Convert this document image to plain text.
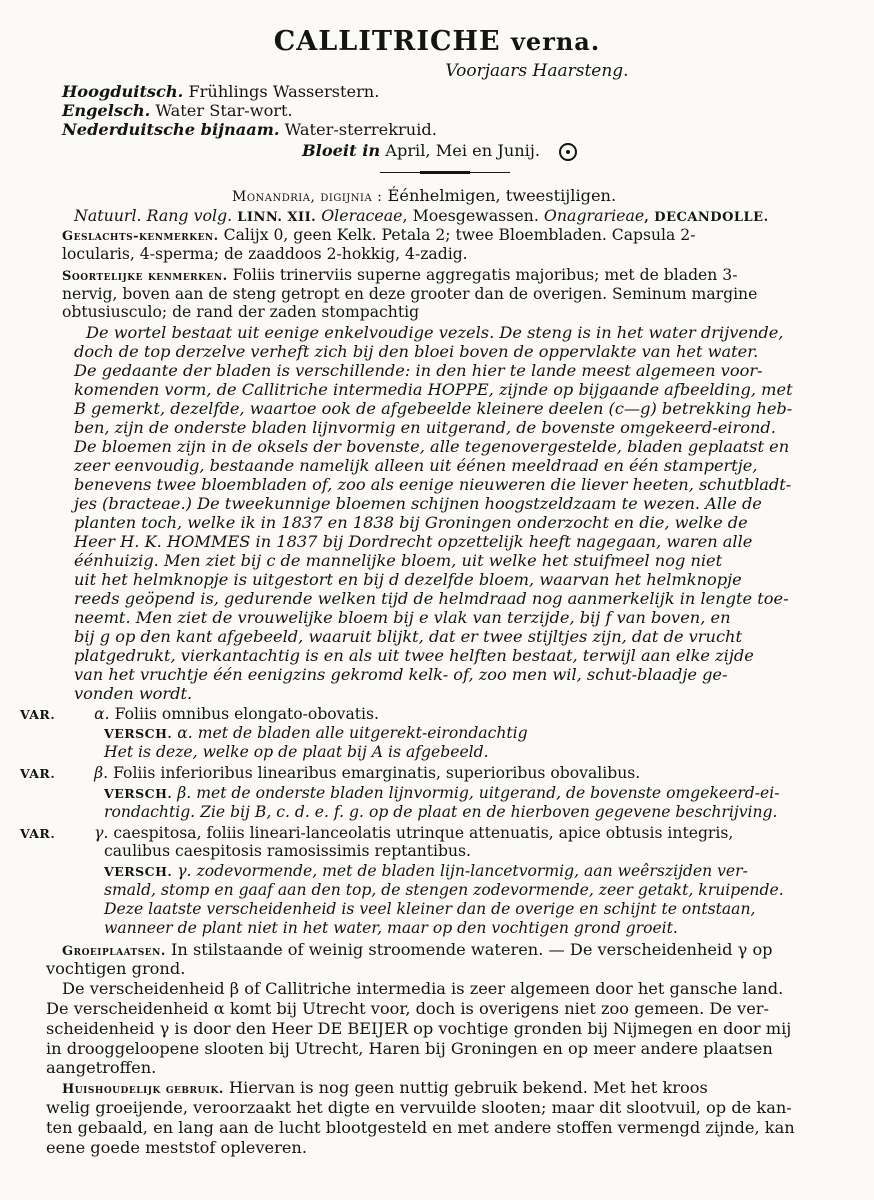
CALLITRICHE verna.
Voorjaars Haarsteng.
Hoogduitsch. Frühlings Wasserstern.
Engelsch. Water Star-wort.
Nederduitsche bijnaam. Water-sterrekruid.
Bloeit in April, Mei en Junij.
Monandria, digijnia : Éénhelmigen, tweestijligen.
Natuurl. Rang volg. LINN. XII. Oleraceae, Moesgewassen. Onagrarieae, DECANDOLLE.
Geslachts-kenmerken. Calijx 0, geen Kelk. Petala 2; twee Bloembladen. Capsula 2-
locularis, 4-sperma; de zaaddoos 2-hokkig, 4-zadig.
Soortelijke kenmerken. Foliis trinerviis superne aggregatis majoribus; met de bladen 3-
nervig, boven aan de steng getropt en deze grooter dan de overigen. Seminum margine
obtusiusculo; de rand der zaden stompachtig
De wortel bestaat uit eenige enkelvoudige vezels. De steng is in het water drijvende,
doch de top derzelve verheft zich bij den bloei boven de oppervlakte van het water.
De gedaante der bladen is verschillende: in den hier te lande meest algemeen voor-
komenden vorm, de Callitriche intermedia HOPPE, zijnde op bijgaande afbeelding, met
B gemerkt, dezelfde, waartoe ook de afgebeelde kleinere deelen (c—g) betrekking heb-
ben, zijn de onderste bladen lijnvormig en uitgerand, de bovenste omgekeerd-eirond.
De bloemen zijn in de oksels der bovenste, alle tegenovergestelde, bladen geplaatst en
zeer eenvoudig, bestaande namelijk alleen uit éénen meeldraad en één stampertje,
benevens twee bloembladen of, zoo als eenige nieuweren die liever heeten, schutbladt-
jes (bracteae.) De tweekunnige bloemen schijnen hoogstzeldzaam te wezen. Alle de
planten toch, welke ik in 1837 en 1838 bij Groningen onderzocht en die, welke de
Heer H. K. HOMMES in 1837 bij Dordrecht opzettelijk heeft nagegaan, waren alle
éénhuizig. Men ziet bij c de mannelijke bloem, uit welke het stuifmeel nog niet
uit het helmknopje is uitgestort en bij d dezelfde bloem, waarvan het helmknopje
reeds geöpend is, gedurende welken tijd de helmdraad nog aanmerkelijk in lengte toe-
neemt. Men ziet de vrouwelijke bloem bij e vlak van terzijde, bij f van boven, en
bij g op den kant afgebeeld, waaruit blijkt, dat er twee stijltjes zijn, dat de vrucht
platgedrukt, vierkantachtig is en als uit twee helften bestaat, terwijl aan elke zijde
van het vruchtje één eenigzins gekromd kelk- of, zoo men wil, schut-blaadje ge-
vonden wordt.
VAR. α. Foliis omnibus elongato-obovatis.
VERSCH. α. met de bladen alle uitgerekt-eirondachtig
Het is deze, welke op de plaat bij A is afgebeeld.
VAR. β. Foliis inferioribus linearibus emarginatis, superioribus obovalibus.
VERSCH. β. met de onderste bladen lijnvormig, uitgerand, de bovenste omgekeerd-ei-
rondachtig. Zie bij B, c. d. e. f. g. op de plaat en de hierboven gegevene beschrijving.
VAR. γ. caespitosa, foliis lineari-lanceolatis utrinque attenuatis, apice obtusis integris,
caulibus caespitosis ramosissimis reptantibus.
VERSCH. γ. zodevormende, met de bladen lijn-lancetvormig, aan weêrszijden ver-
smald, stomp en gaaf aan den top, de stengen zodevormende, zeer getakt, kruipende.
Deze laatste verscheidenheid is veel kleiner dan de overige en schijnt te ontstaan,
wanneer de plant niet in het water, maar op den vochtigen grond groeit.
Groeiplaatsen. In stilstaande of weinig stroomende wateren. — De verscheidenheid γ op
vochtigen grond.
De verscheidenheid β of Callitriche intermedia is zeer algemeen door het gansche land.
De verscheidenheid α komt bij Utrecht voor, doch is overigens niet zoo gemeen. De ver-
scheidenheid γ is door den Heer DE BEIJER op vochtige gronden bij Nijmegen en door mij
in drooggeloopene slooten bij Utrecht, Haren bij Groningen en op meer andere plaatsen
aangetroffen.
Huishoudelijk gebruik. Hiervan is nog geen nuttig gebruik bekend. Met het kroos
welig groeijende, veroorzaakt het digte en vervuilde slooten; maar dit slootvuil, op de kan-
ten gebaald, en lang aan de lucht blootgesteld en met andere stoffen vermengd zijnde, kan
eene goede meststof opleveren.
